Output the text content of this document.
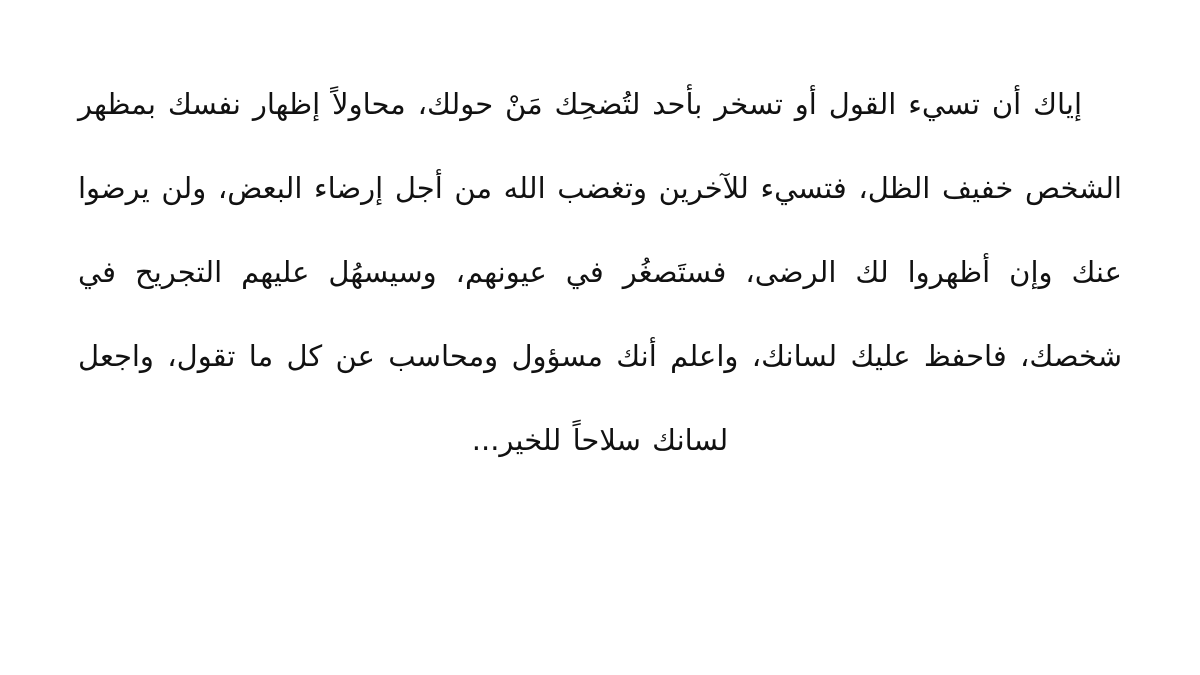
إياك أن تسيء القول أو تسخر بأحد لتُضحِك مَنْ حولك، محاولاً إظهار نفسك بمظهر الشخص خفيف الظل، فتسيء للآخرين وتغضب الله من أجل إرضاء البعض، ولن يرضوا عنك وإن أظهروا لك الرضى، فستَصغُر في عيونهم، وسيسهُل عليهم التجريح في شخصك، فاحفظ عليك لسانك، واعلم أنك مسؤول ومحاسب عن كل ما تقول، واجعل لسانك سلاحاً للخير...
